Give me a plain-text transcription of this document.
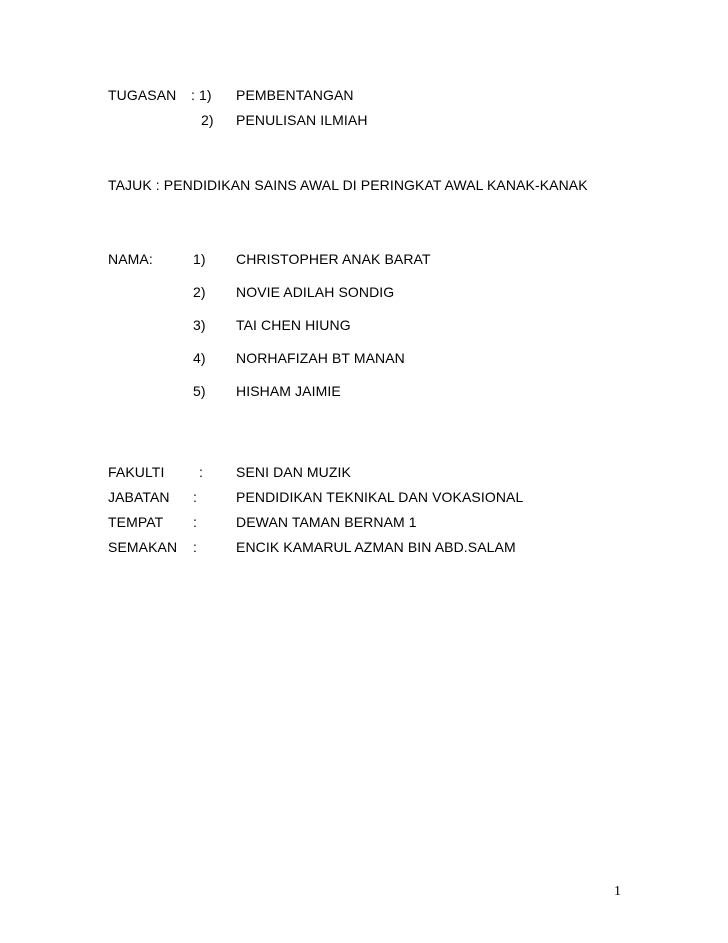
TUGASAN : 1) PEMBENTANGAN
2) PENULISAN ILMIAH
TAJUK : PENDIDIKAN SAINS AWAL DI PERINGKAT AWAL KANAK-KANAK
NAMA:	1) CHRISTOPHER ANAK BARAT
2) NOVIE ADILAH SONDIG
3) TAI CHEN HIUNG
4) NORHAFIZAH BT MANAN
5) HISHAM JAIMIE
FAKULTI : SENI DAN MUZIK
JABATAN :	PENDIDIKAN TEKNIKAL DAN VOKASIONAL
TEMPAT :	DEWAN TAMAN BERNAM 1
SEMAKAN :	ENCIK KAMARUL AZMAN BIN ABD.SALAM
1
